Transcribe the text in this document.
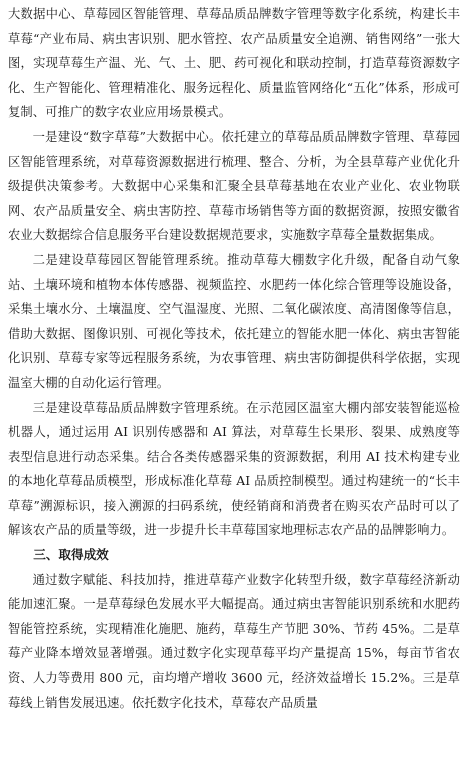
大数据中心、草莓园区智能管理、草莓品质品牌数字管理等数字化系统，构建长丰草莓“产业布局、病虫害识别、肥水管控、农产品质量安全追溯、销售网络”一张大图，实现草莓生产温、光、气、土、肥、药可视化和联动控制，打造草莓资源数字化、生产智能化、管理精准化、服务远程化、质量监管网络化“五化”体系，形成可复制、可推广的数字农业应用场景模式。

一是建设“数字草莓”大数据中心。依托建立的草莓品质品牌数字管理、草莓园区智能管理系统，对草莓资源数据进行梳理、整合、分析，为全县草莓产业优化升级提供决策参考。大数据中心采集和汇聚全县草莓基地在农业产业化、农业物联网、农产品质量安全、病虫害防控、草莓市场销售等方面的数据资源，按照安徽省农业大数据综合信息服务平台建设数据规范要求，实施数字草莓全量数据集成。

二是建设草莓园区智能管理系统。推动草莓大棚数字化升级，配备自动气象站、土壤环境和植物本体传感器、视频监控、水肥药一体化综合管理等设施设备，采集土壤水分、土壤温度、空气温湿度、光照、二氧化碳浓度、高清图像等信息，借助大数据、图像识别、可视化等技术，依托建立的智能水肥一体化、病虫害智能化识别、草莓专家等远程服务系统，为农事管理、病虫害防御提供科学依据，实现温室大棚的自动化运行管理。

三是建设草莓品质品牌数字管理系统。在示范园区温室大棚内部安装智能巡检机器人，通过运用 AI 识别传感器和 AI 算法，对草莓生长果形、裂果、成熟度等表型信息进行动态采集。结合各类传感器采集的资源数据，利用 AI 技术构建专业的本地化草莓品质模型，形成标准化草莓 AI 品质控制模型。通过构建统一的“长丰草莓”溯源标识，接入溯源的扫码系统，使经销商和消费者在购买农产品时可以了解该农产品的质量等级，进一步提升长丰草莓国家地理标志农产品的品牌影响力。

三、取得成效

通过数字赋能、科技加持，推进草莓产业数字化转型升级，数字草莓经济新动能加速汇聚。一是草莓绿色发展水平大幅提高。通过病虫害智能识别系统和水肥药智能管控系统，实现精准化施肥、施药，草莓生产节肥 30%、节药 45%。二是草莓产业降本增效显著增强。通过数字化实现草莓平均产量提高 15%，每亩节省农资、人力等费用 800 元，亩均增产增收 3600 元，经济效益增长 15.2%。三是草莓线上销售发展迅速。依托数字化技术，草莓农产品质量
